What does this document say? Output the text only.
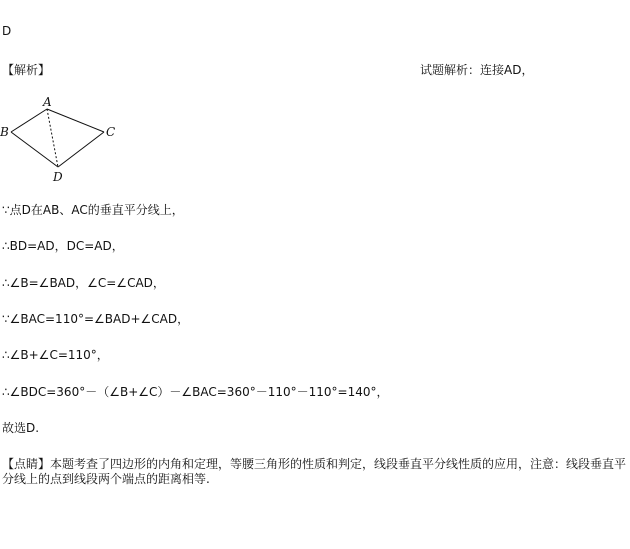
D
【解析】	试题解析：连接AD，
A
B	C
D
∵点D在AB、AC的垂直平分线上，
∴BD=AD，DC=AD，
∴∠B=∠BAD，∠C=∠CAD，
∵∠BAC=110°=∠BAD+∠CAD，
∴∠B+∠C=110°，
∴∠BDC=360°－（∠B+∠C）－∠BAC=360°－110°－110°=140°，
故选D.
【点睛】本题考查了四边形的内角和定理，等腰三角形的性质和判定，线段垂直平分线性质的应用，注意：线段垂直平分线上的点到线段两个端点的距离相等.
